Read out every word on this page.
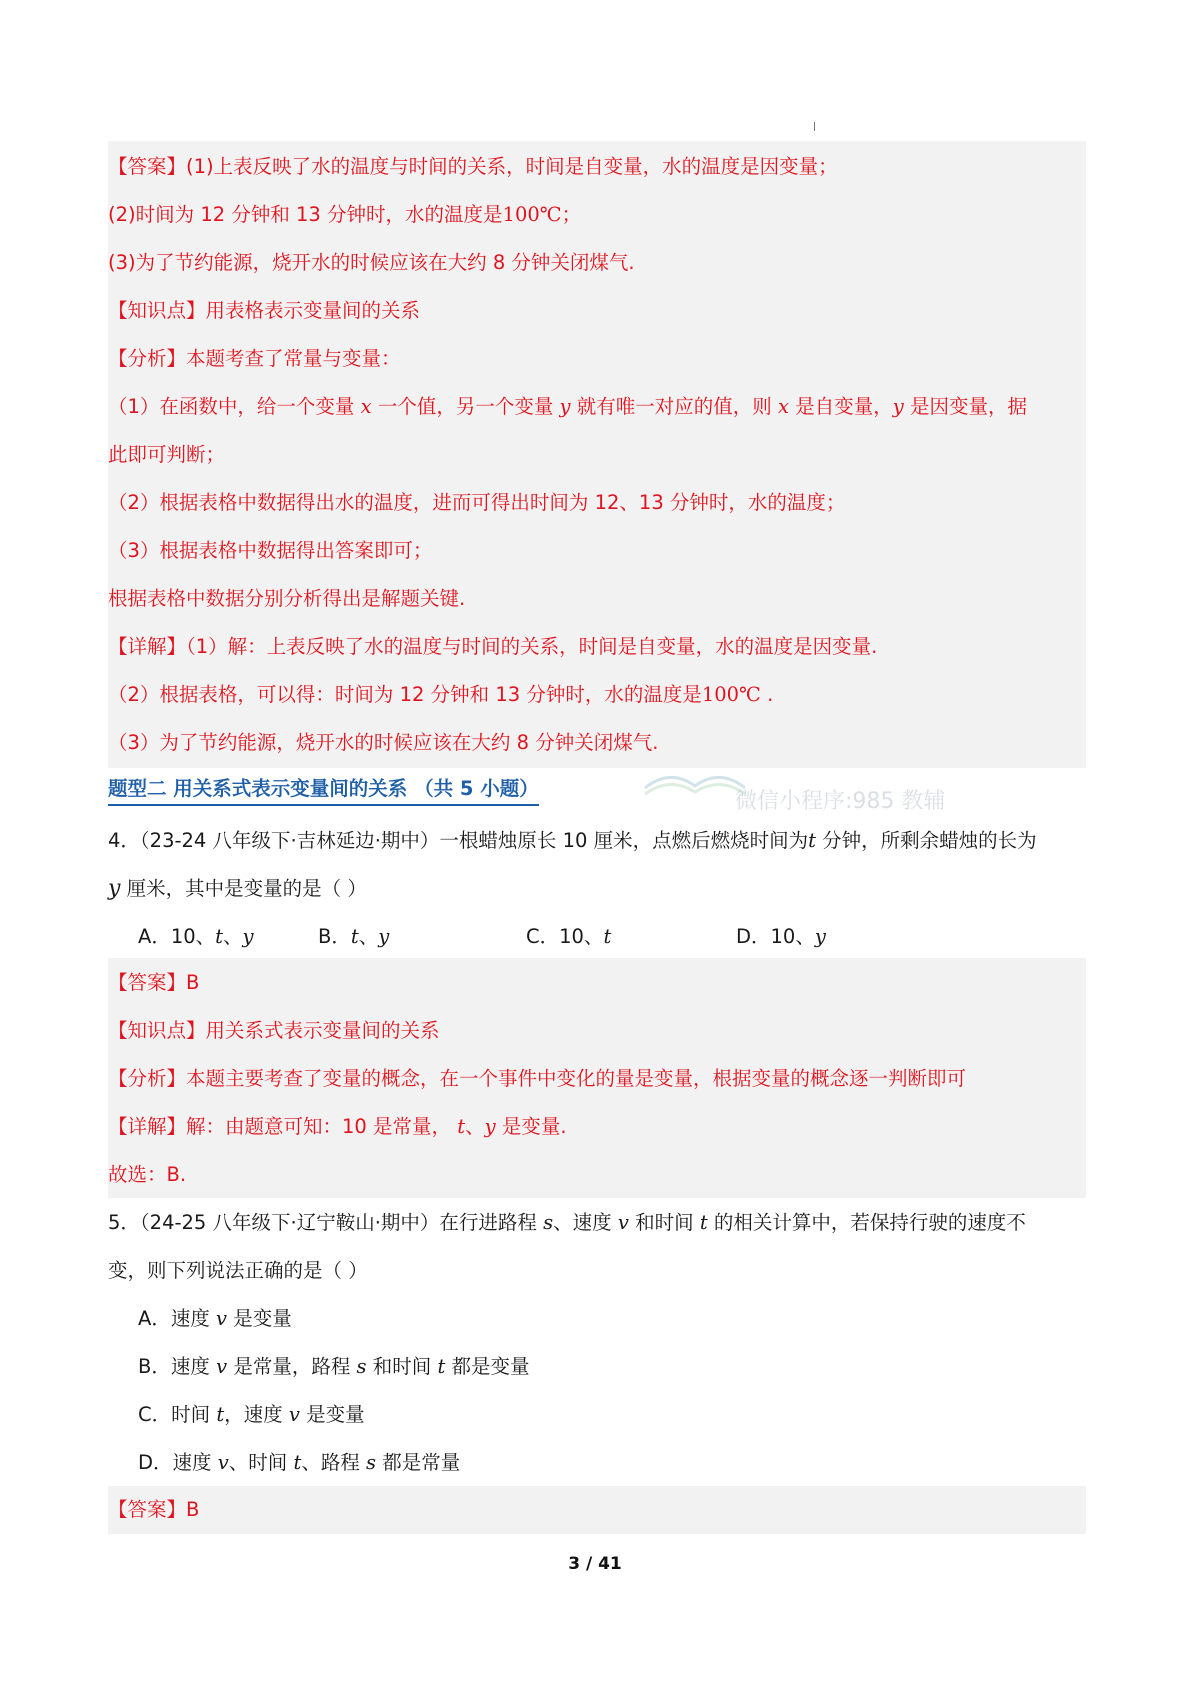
【答案】(1)上表反映了水的温度与时间的关系，时间是自变量，水的温度是因变量；
(2)时间为 12 分钟和 13 分钟时，水的温度是100℃；
(3)为了节约能源，烧开水的时候应该在大约 8 分钟关闭煤气.
【知识点】用表格表示变量间的关系
【分析】本题考查了常量与变量：
（1）在函数中，给一个变量 x 一个值，另一个变量 y 就有唯一对应的值，则 x 是自变量，y 是因变量，据
此即可判断；
（2）根据表格中数据得出水的温度，进而可得出时间为 12、13 分钟时，水的温度；
（3）根据表格中数据得出答案即可；
根据表格中数据分别分析得出是解题关键.
【详解】（1）解：上表反映了水的温度与时间的关系，时间是自变量，水的温度是因变量.
（2）根据表格，可以得：时间为 12 分钟和 13 分钟时，水的温度是100℃ .
（3）为了节约能源，烧开水的时候应该在大约 8 分钟关闭煤气.
微信小程序:985 教辅
题型二 用关系式表示变量间的关系 （共 5 小题）
4．（23-24 八年级下·吉林延边·期中）一根蜡烛原长 10 厘米，点燃后燃烧时间为t 分钟，所剩余蜡烛的长为
y 厘米，其中是变量的是（ ）
A．10、t、y	B．t、y	C．10、t	D．10、y
【答案】B
【知识点】用关系式表示变量间的关系
【分析】本题主要考查了变量的概念，在一个事件中变化的量是变量，根据变量的概念逐一判断即可
【详解】解：由题意可知：10 是常量， t、y 是变量.
故选：B.
5．（24-25 八年级下·辽宁鞍山·期中）在行进路程 s、速度 v 和时间 t 的相关计算中，若保持行驶的速度不
变，则下列说法正确的是（ ）
A．速度 v 是变量
B．速度 v 是常量，路程 s 和时间 t 都是变量
C．时间 t，速度 v 是变量
D．速度 v、时间 t、路程 s 都是常量
【答案】B
3 / 41
